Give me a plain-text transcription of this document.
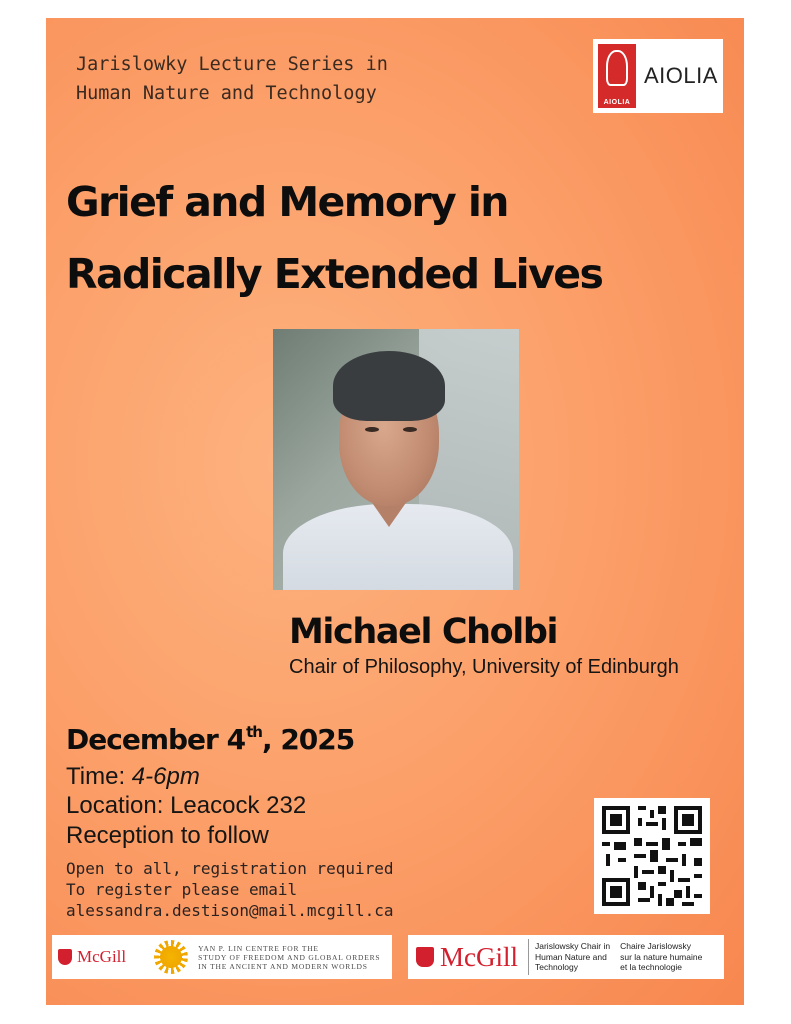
Jarislowky Lecture Series in
Human Nature and Technology	AIOLIA
AIOLIA
Grief and Memory in
Radically Extended Lives
Michael Cholbi
Chair of Philosophy, University of Edinburgh
December 4th, 2025
Time: 4-6pm
Location: Leacock 232
Reception to follow
Open to all, registration required
To register please email
alessandra.destison@mail.mcgill.ca
McGill	YAN P. LIN CENTRE FOR THE
STUDY OF FREEDOM AND GLOBAL ORDERS
IN THE ANCIENT AND MODERN WORLDS	McGill Jarislowsky Chair in
Human Nature and
Technology
Chaire Jarislowsky
sur la nature humaine
et la technologie
